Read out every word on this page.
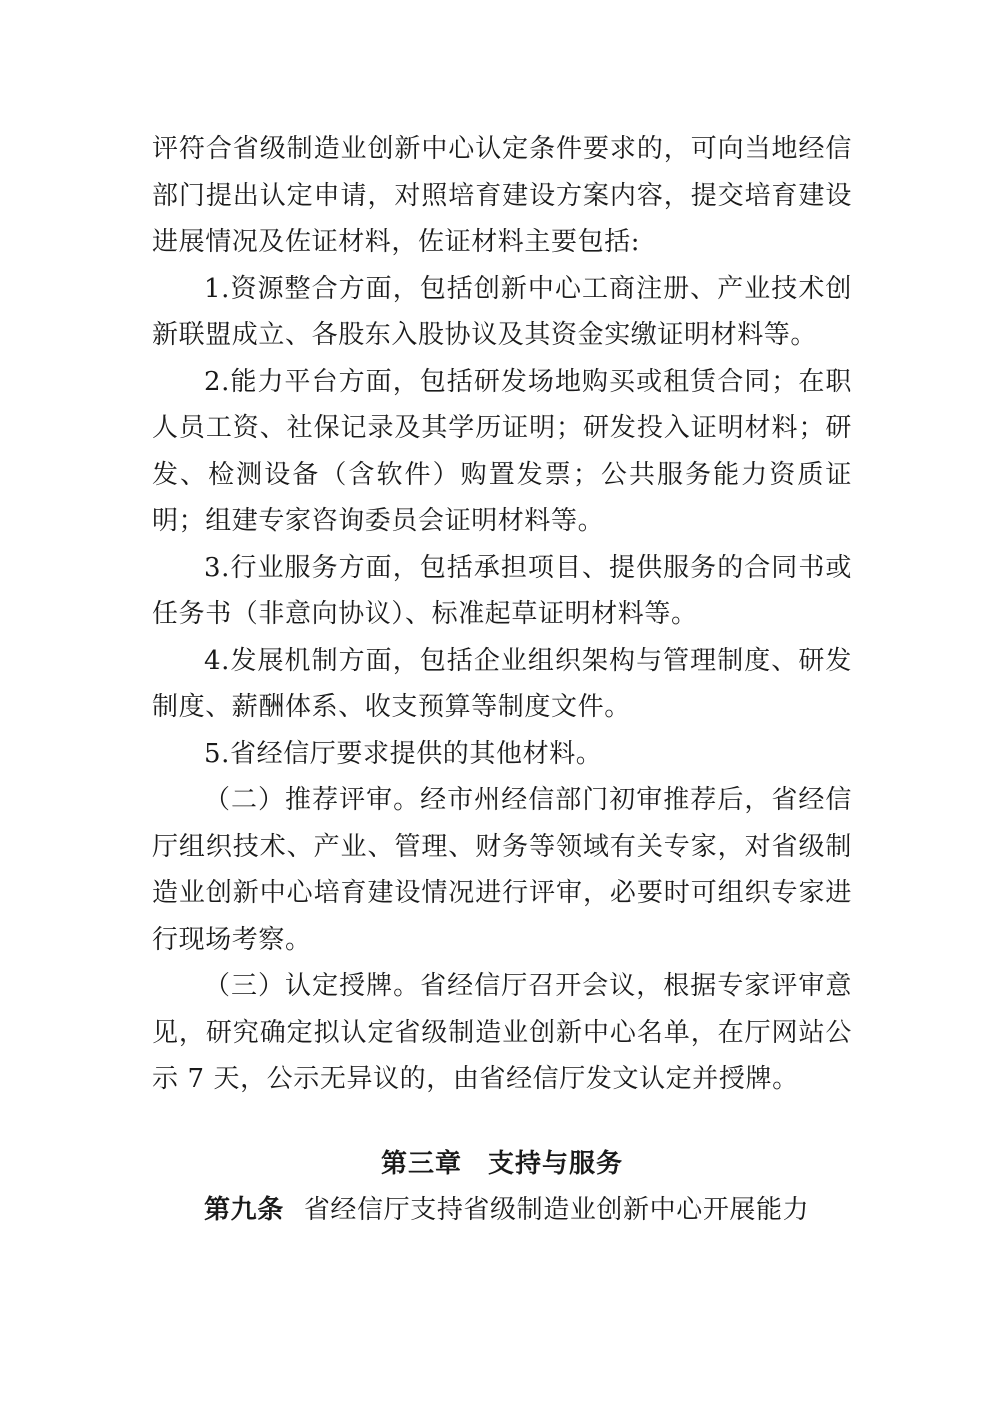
评符合省级制造业创新中心认定条件要求的，可向当地经信部门提出认定申请，对照培育建设方案内容，提交培育建设进展情况及佐证材料，佐证材料主要包括:

1.资源整合方面，包括创新中心工商注册、产业技术创新联盟成立、各股东入股协议及其资金实缴证明材料等。

2.能力平台方面，包括研发场地购买或租赁合同；在职人员工资、社保记录及其学历证明；研发投入证明材料；研发、检测设备（含软件）购置发票；公共服务能力资质证明；组建专家咨询委员会证明材料等。

3.行业服务方面，包括承担项目、提供服务的合同书或任务书（非意向协议）、标准起草证明材料等。

4.发展机制方面，包括企业组织架构与管理制度、研发制度、薪酬体系、收支预算等制度文件。

5.省经信厅要求提供的其他材料。

（二）推荐评审。经市州经信部门初审推荐后，省经信厅组织技术、产业、管理、财务等领域有关专家，对省级制造业创新中心培育建设情况进行评审，必要时可组织专家进行现场考察。

（三）认定授牌。省经信厅召开会议，根据专家评审意见，研究确定拟认定省级制造业创新中心名单，在厅网站公示 7 天，公示无异议的，由省经信厅发文认定并授牌。

第三章 支持与服务

第九条 省经信厅支持省级制造业创新中心开展能力
